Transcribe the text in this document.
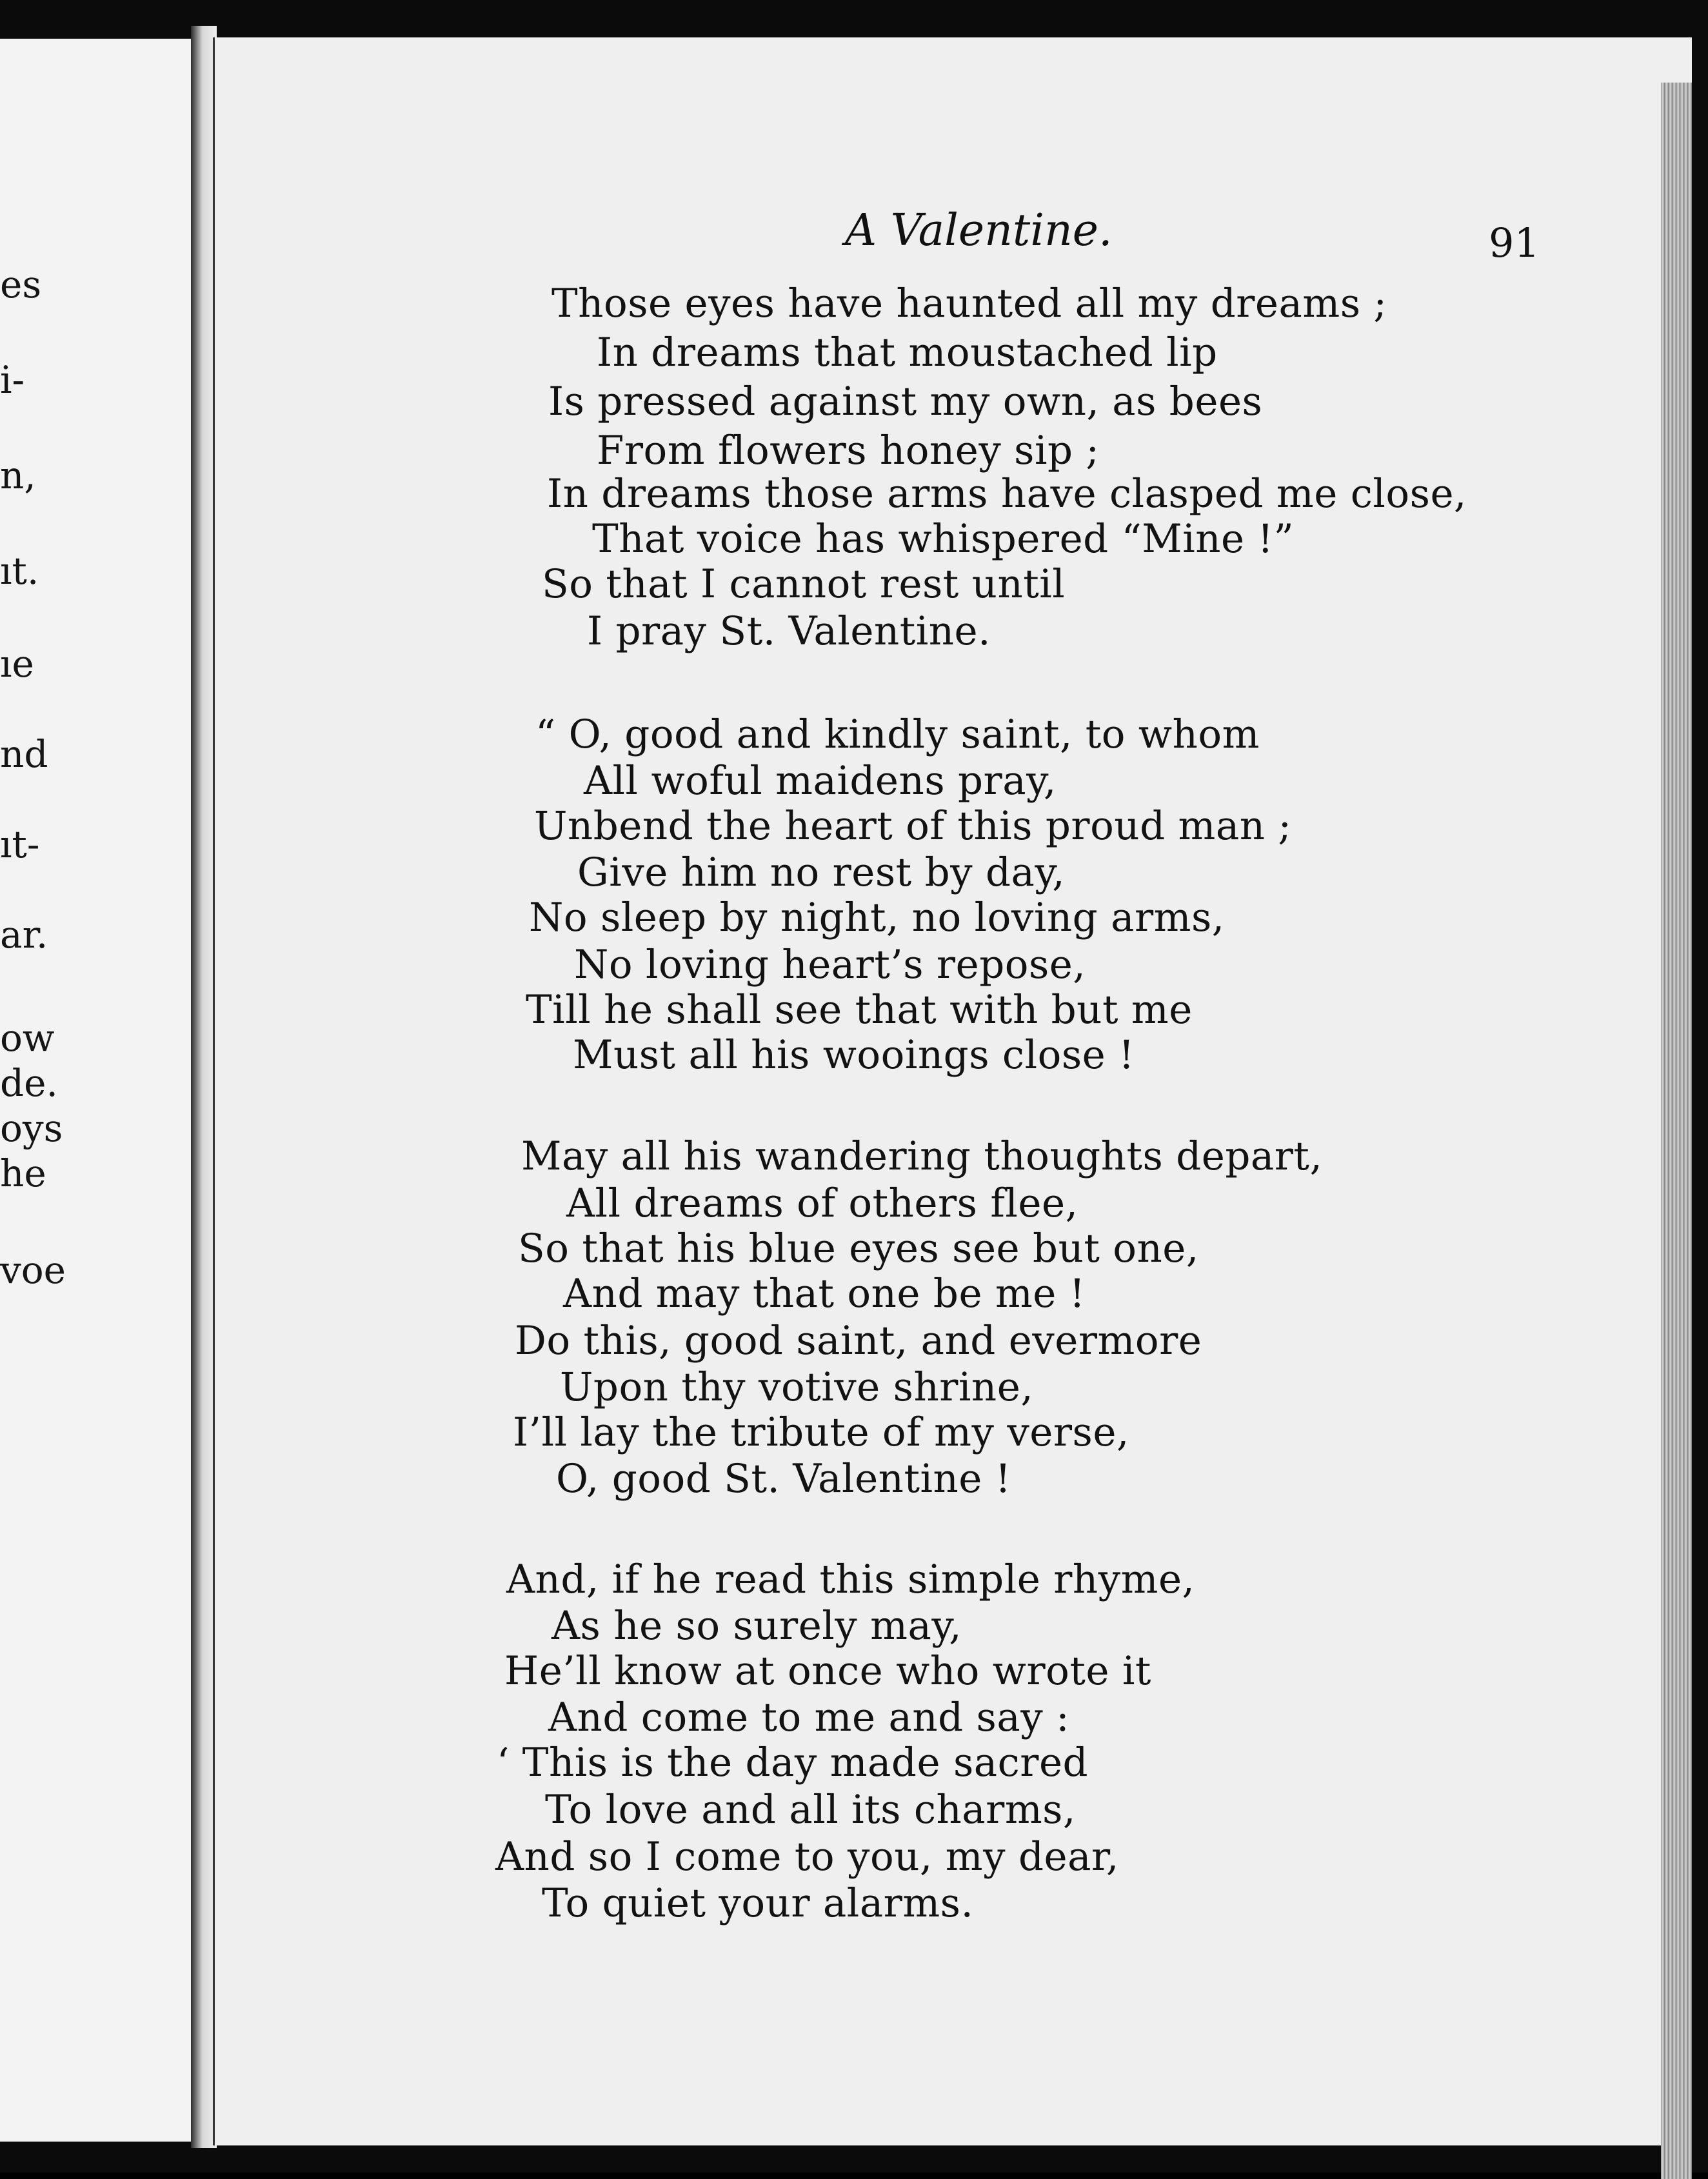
es
i-
n,
ıt.
ıe
nd
ıt-
ar.
ow
de.
oys
he
voe
A Valentine.	91
Those eyes have haunted all my dreams ;
In dreams that moustached lip
Is pressed against my own, as bees
From flowers honey sip ;
In dreams those arms have clasped me close,
That voice has whispered “Mine !”
So that I cannot rest until
I pray St. Valentine.
“ O, good and kindly saint, to whom
All woful maidens pray,
Unbend the heart of this proud man ;
Give him no rest by day,
No sleep by night, no loving arms,
No loving heart’s repose,
Till he shall see that with but me
Must all his wooings close !
May all his wandering thoughts depart,
All dreams of others flee,
So that his blue eyes see but one,
And may that one be me !
Do this, good saint, and evermore
Upon thy votive shrine,
I’ll lay the tribute of my verse,
O, good St. Valentine !
And, if he read this simple rhyme,
As he so surely may,
He’ll know at once who wrote it
And come to me and say :
‘ This is the day made sacred
To love and all its charms,
And so I come to you, my dear,
To quiet your alarms.
